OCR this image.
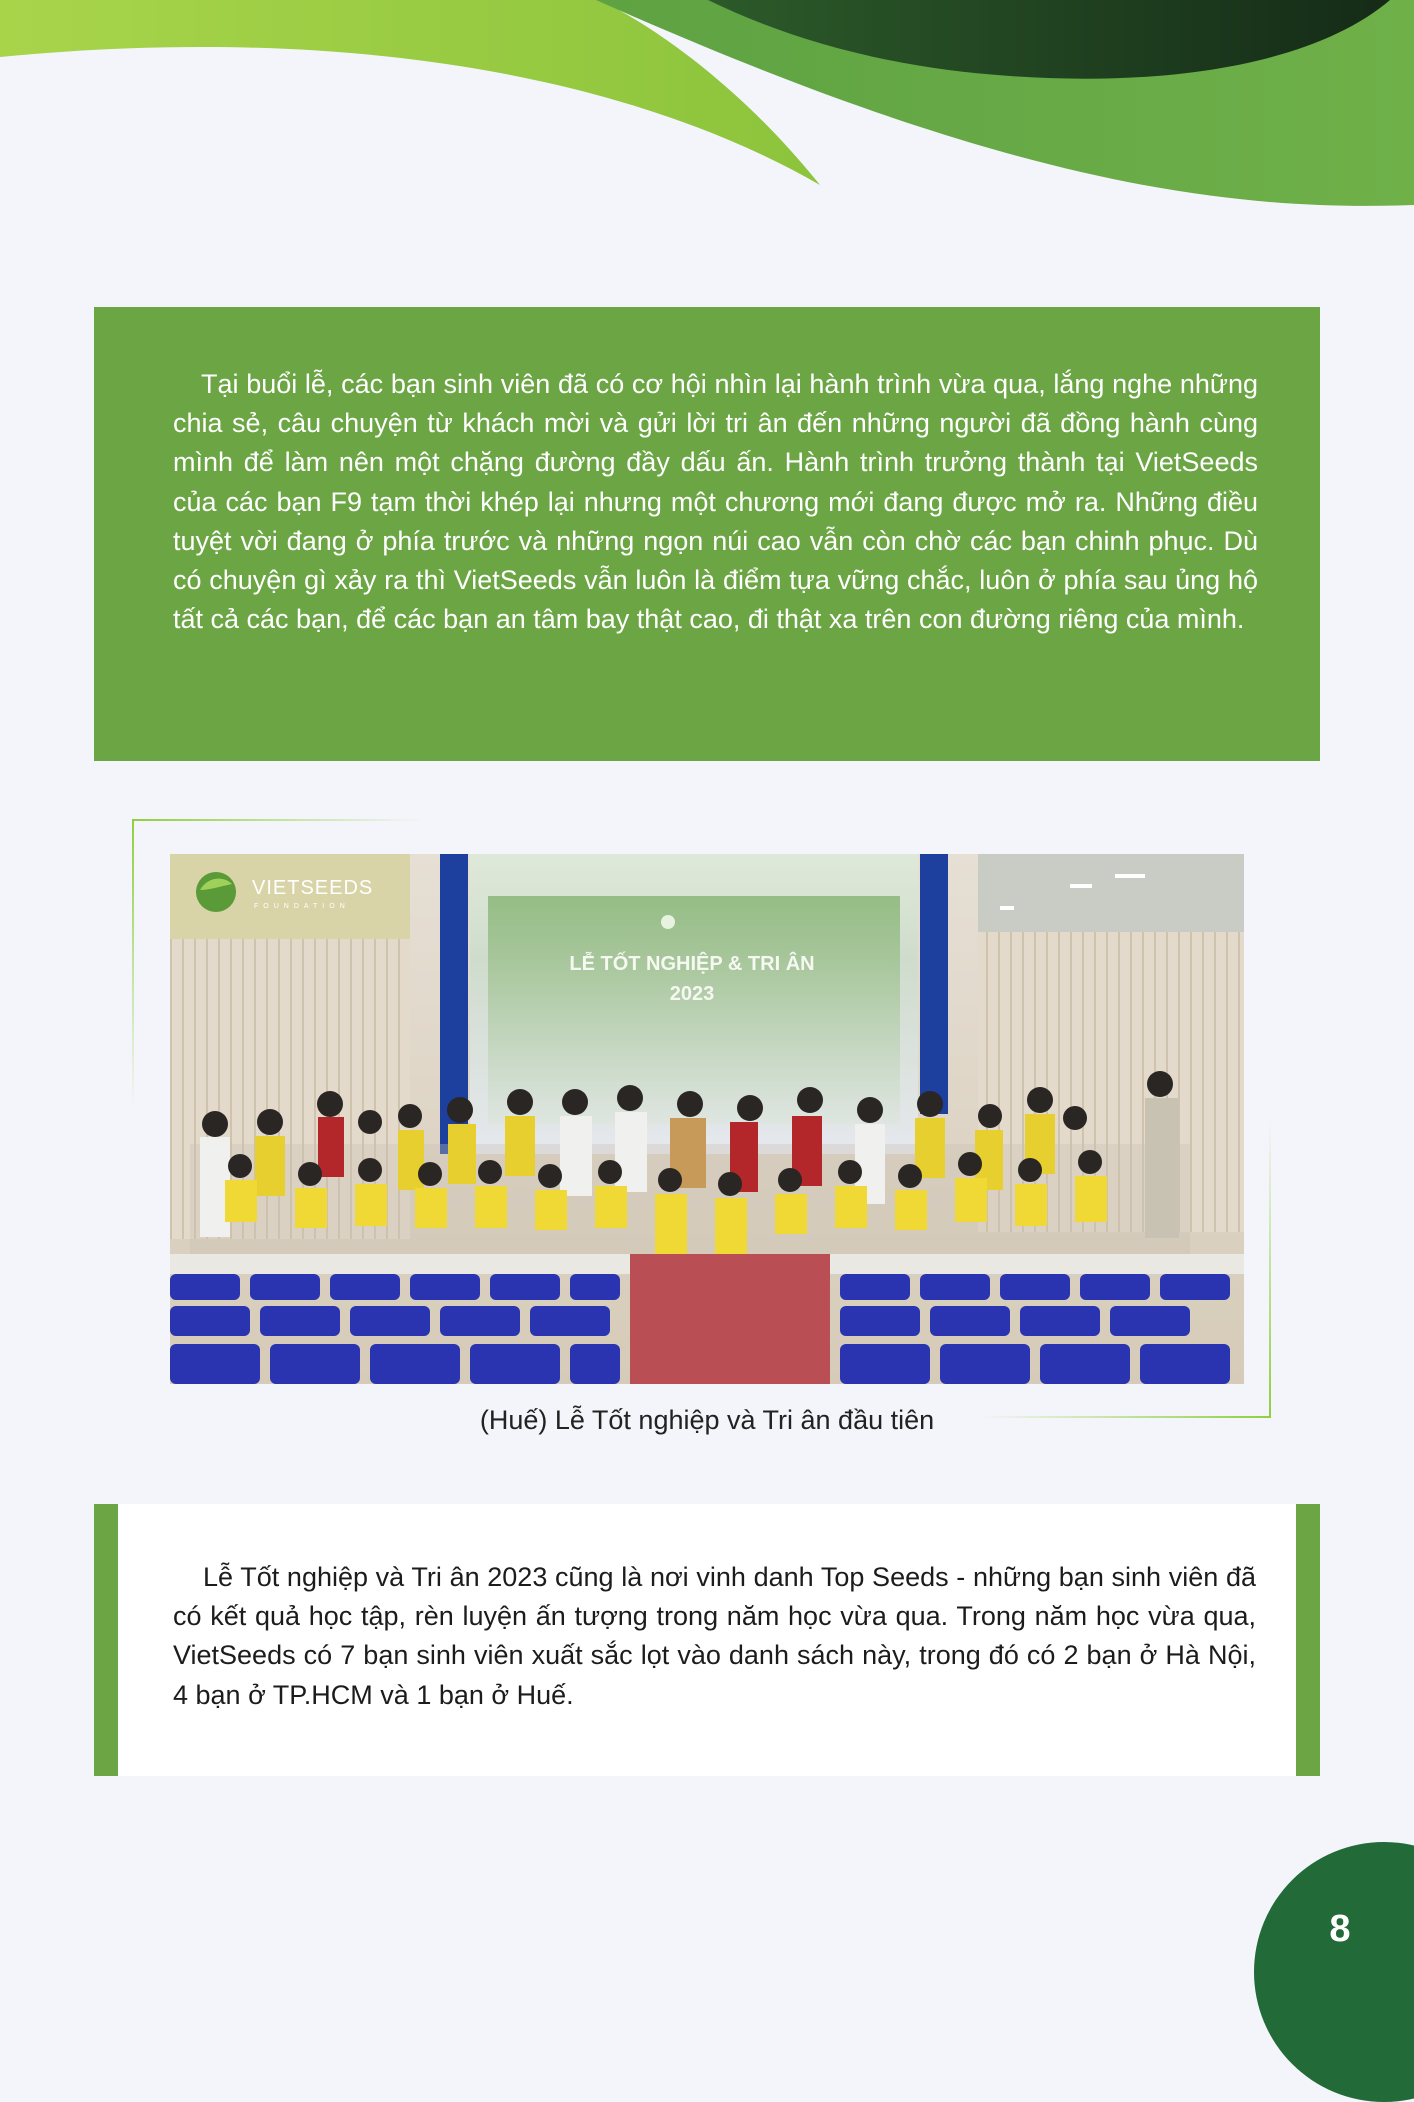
Tại buổi lễ, các bạn sinh viên đã có cơ hội nhìn lại hành trình vừa qua, lắng nghe những chia sẻ, câu chuyện từ khách mời và gửi lời tri ân đến những người đã đồng hành cùng mình để làm nên một chặng đường đầy dấu ấn. Hành trình trưởng thành tại VietSeeds của các bạn F9 tạm thời khép lại nhưng một chương mới đang được mở ra. Những điều tuyệt vời đang ở phía trước và những ngọn núi cao vẫn còn chờ các bạn chinh phục. Dù có chuyện gì xảy ra thì VietSeeds vẫn luôn là điểm tựa vững chắc, luôn ở phía sau ủng hộ tất cả các bạn, để các bạn an tâm bay thật cao, đi thật xa trên con đường riêng của mình.

LỄ TỐT NGHIỆP & TRI ÂN
2023
VIETSEEDS
FOUNDATION
(Huế) Lễ Tốt nghiệp và Tri ân đầu tiên

Lễ Tốt nghiệp và Tri ân 2023 cũng là nơi vinh danh Top Seeds - những bạn sinh viên đã có kết quả học tập, rèn luyện ấn tượng trong năm học vừa qua. Trong năm học vừa qua, VietSeeds có 7 bạn sinh viên xuất sắc lọt vào danh sách này, trong đó có 2 bạn ở Hà Nội, 4 bạn ở TP.HCM và 1 bạn ở Huế.

8
